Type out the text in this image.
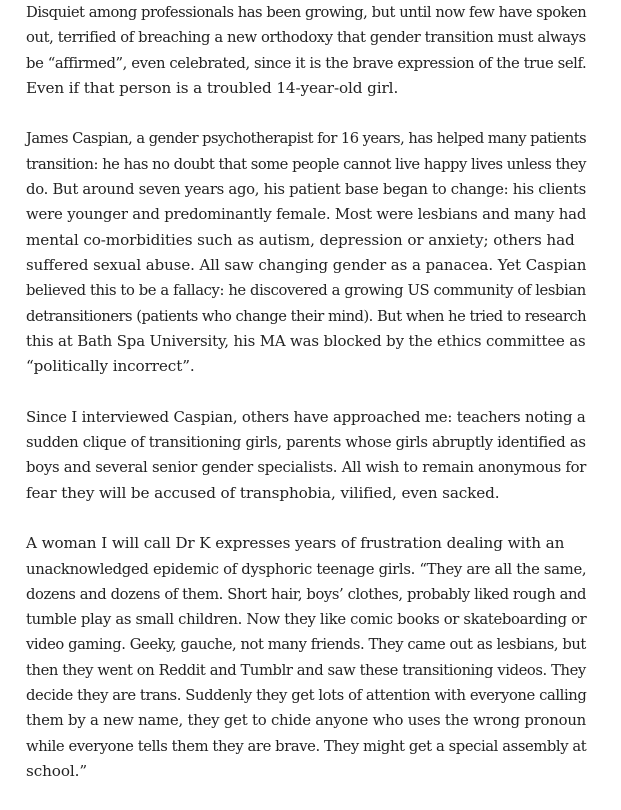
Disquiet among professionals has been growing, but until now few have spoken
out, terrified of breaching a new orthodoxy that gender transition must always
be “affirmed”, even celebrated, since it is the brave expression of the true self.
Even if that person is a troubled 14-year-old girl.

James Caspian, a gender psychotherapist for 16 years, has helped many patients
transition: he has no doubt that some people cannot live happy lives unless they
do. But around seven years ago, his patient base began to change: his clients
were younger and predominantly female. Most were lesbians and many had
mental co-morbidities such as autism, depression or anxiety; others had
suffered sexual abuse. All saw changing gender as a panacea. Yet Caspian
believed this to be a fallacy: he discovered a growing US community of lesbian
detransitioners (patients who change their mind). But when he tried to research
this at Bath Spa University, his MA was blocked by the ethics committee as
“politically incorrect”.

Since I interviewed Caspian, others have approached me: teachers noting a
sudden clique of transitioning girls, parents whose girls abruptly identified as
boys and several senior gender specialists. All wish to remain anonymous for
fear they will be accused of transphobia, vilified, even sacked.

A woman I will call Dr K expresses years of frustration dealing with an
unacknowledged epidemic of dysphoric teenage girls. “They are all the same,
dozens and dozens of them. Short hair, boys’ clothes, probably liked rough and
tumble play as small children. Now they like comic books or skateboarding or
video gaming. Geeky, gauche, not many friends. They came out as lesbians, but
then they went on Reddit and Tumblr and saw these transitioning videos. They
decide they are trans. Suddenly they get lots of attention with everyone calling
them by a new name, they get to chide anyone who uses the wrong pronoun
while everyone tells them they are brave. They might get a special assembly at
school.”
